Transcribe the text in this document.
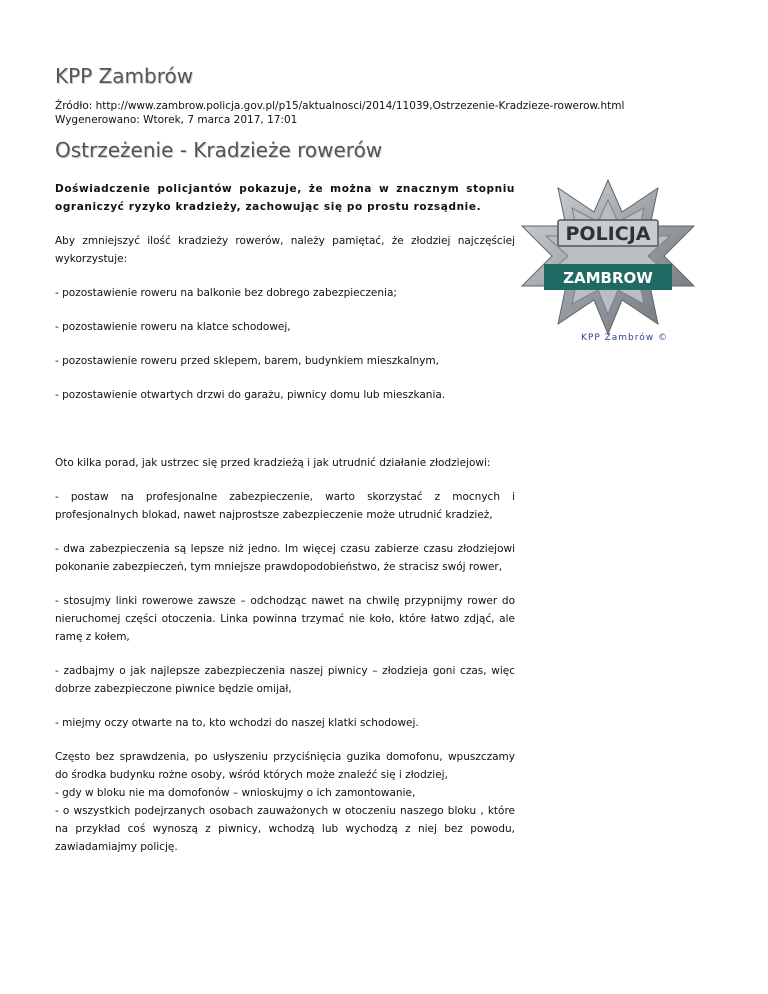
KPP Zambrów
Źródło: http://www.zambrow.policja.gov.pl/p15/aktualnosci/2014/11039,Ostrzezenie-Kradzieze-rowerow.html
Wygenerowano: Wtorek, 7 marca 2017, 17:01
Ostrzeżenie - Kradzieże rowerów

Doświadczenie policjantów pokazuje, że można w znacznym stopniu ograniczyć ryzyko kradzieży, zachowując się po prostu rozsądnie.

Aby zmniejszyć ilość kradzieży rowerów, należy pamiętać, że złodziej najczęściej wykorzystuje:

- pozostawienie roweru na balkonie bez dobrego zabezpieczenia;

- pozostawienie roweru na klatce schodowej,

- pozostawienie roweru przed sklepem, barem, budynkiem mieszkalnym,

- pozostawienie otwartych drzwi do garażu, piwnicy domu lub mieszkania.

Oto kilka porad, jak ustrzec się przed kradzieżą i jak utrudnić działanie złodziejowi:

- postaw na profesjonalne zabezpieczenie, warto skorzystać z mocnych i profesjonalnych blokad, nawet najprostsze zabezpieczenie może utrudnić kradzież,

- dwa zabezpieczenia są lepsze niż jedno. Im więcej czasu zabierze czasu złodziejowi pokonanie zabezpieczeń, tym mniejsze prawdopodobieństwo, że stracisz swój rower,

- stosujmy linki rowerowe zawsze – odchodząc nawet na chwilę przypnijmy rower do nieruchomej części otoczenia. Linka powinna trzymać nie koło, które łatwo zdjąć, ale ramę z kołem,

- zadbajmy o jak najlepsze zabezpieczenia naszej piwnicy – złodzieja goni czas, więc dobrze zabezpieczone piwnice będzie omijał,

- miejmy oczy otwarte na to, kto wchodzi do naszej klatki schodowej.

Często bez sprawdzenia, po usłyszeniu przyciśnięcia guzika domofonu, wpuszczamy do środka budynku rożne osoby, wśród których może znaleźć się i złodziej,

- gdy w bloku nie ma domofonów – wnioskujmy o ich zamontowanie,

- o wszystkich podejrzanych osobach zauważonych w otoczeniu naszego bloku , które na przykład coś wynoszą z piwnicy, wchodzą lub wychodzą z niej bez powodu, zawiadamiajmy policję.

POLICJA
ZAMBROW
KPP Zambrów ©
